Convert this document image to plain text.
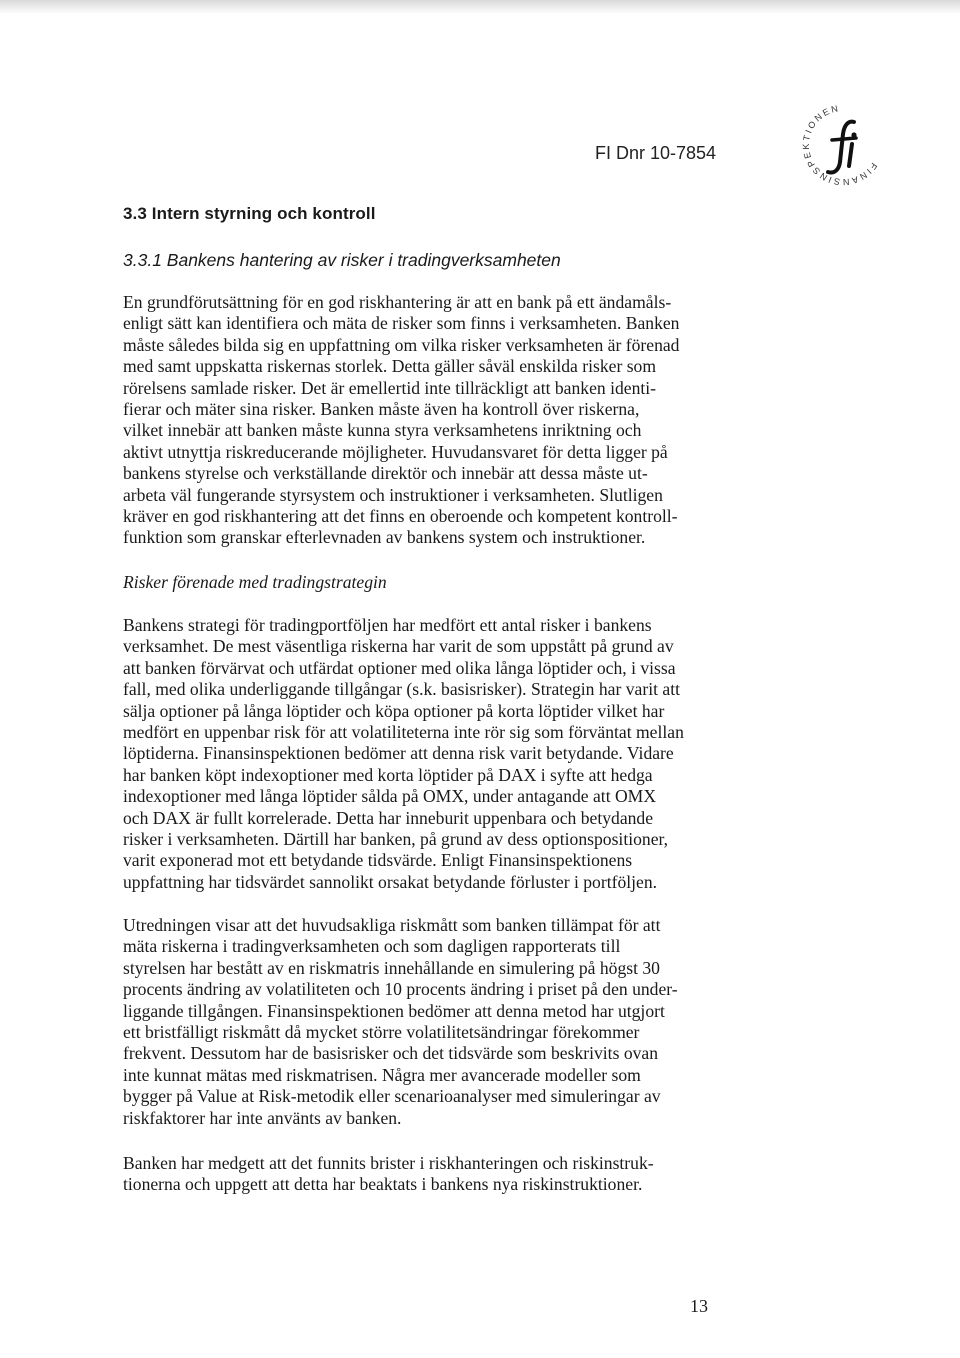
FI Dnr 10-7854
FINANSINSPEKTIONEN
3.3 Intern styrning och kontroll
3.3.1 Bankens hantering av risker i tradingverksamheten

En grundförutsättning för en god riskhantering är att en bank på ett ändamåls-
enligt sätt kan identifiera och mäta de risker som finns i verksamheten. Banken
måste således bilda sig en uppfattning om vilka risker verksamheten är förenad
med samt uppskatta riskernas storlek. Detta gäller såväl enskilda risker som
rörelsens samlade risker. Det är emellertid inte tillräckligt att banken identi-
fierar och mäter sina risker. Banken måste även ha kontroll över riskerna,
vilket innebär att banken måste kunna styra verksamhetens inriktning och
aktivt utnyttja riskreducerande möjligheter. Huvudansvaret för detta ligger på
bankens styrelse och verkställande direktör och innebär att dessa måste ut-
arbeta väl fungerande styrsystem och instruktioner i verksamheten. Slutligen
kräver en god riskhantering att det finns en oberoende och kompetent kontroll-
funktion som granskar efterlevnaden av bankens system och instruktioner.

Risker förenade med tradingstrategin

Bankens strategi för tradingportföljen har medfört ett antal risker i bankens
verksamhet. De mest väsentliga riskerna har varit de som uppstått på grund av
att banken förvärvat och utfärdat optioner med olika långa löptider och, i vissa
fall, med olika underliggande tillgångar (s.k. basisrisker). Strategin har varit att
sälja optioner på långa löptider och köpa optioner på korta löptider vilket har
medfört en uppenbar risk för att volatiliteterna inte rör sig som förväntat mellan
löptiderna. Finansinspektionen bedömer att denna risk varit betydande. Vidare
har banken köpt indexoptioner med korta löptider på DAX i syfte att hedga
indexoptioner med långa löptider sålda på OMX, under antagande att OMX
och DAX är fullt korrelerade. Detta har inneburit uppenbara och betydande
risker i verksamheten. Därtill har banken, på grund av dess optionspositioner,
varit exponerad mot ett betydande tidsvärde. Enligt Finansinspektionens
uppfattning har tidsvärdet sannolikt orsakat betydande förluster i portföljen.

Utredningen visar att det huvudsakliga riskmått som banken tillämpat för att
mäta riskerna i tradingverksamheten och som dagligen rapporterats till
styrelsen har bestått av en riskmatris innehållande en simulering på högst 30
procents ändring av volatiliteten och 10 procents ändring i priset på den under-
liggande tillgången. Finansinspektionen bedömer att denna metod har utgjort
ett bristfälligt riskmått då mycket större volatilitetsändringar förekommer
frekvent. Dessutom har de basisrisker och det tidsvärde som beskrivits ovan
inte kunnat mätas med riskmatrisen. Några mer avancerade modeller som
bygger på Value at Risk-metodik eller scenarioanalyser med simuleringar av
riskfaktorer har inte använts av banken.

Banken har medgett att det funnits brister i riskhanteringen och riskinstruk-
tionerna och uppgett att detta har beaktats i bankens nya riskinstruktioner.

13
